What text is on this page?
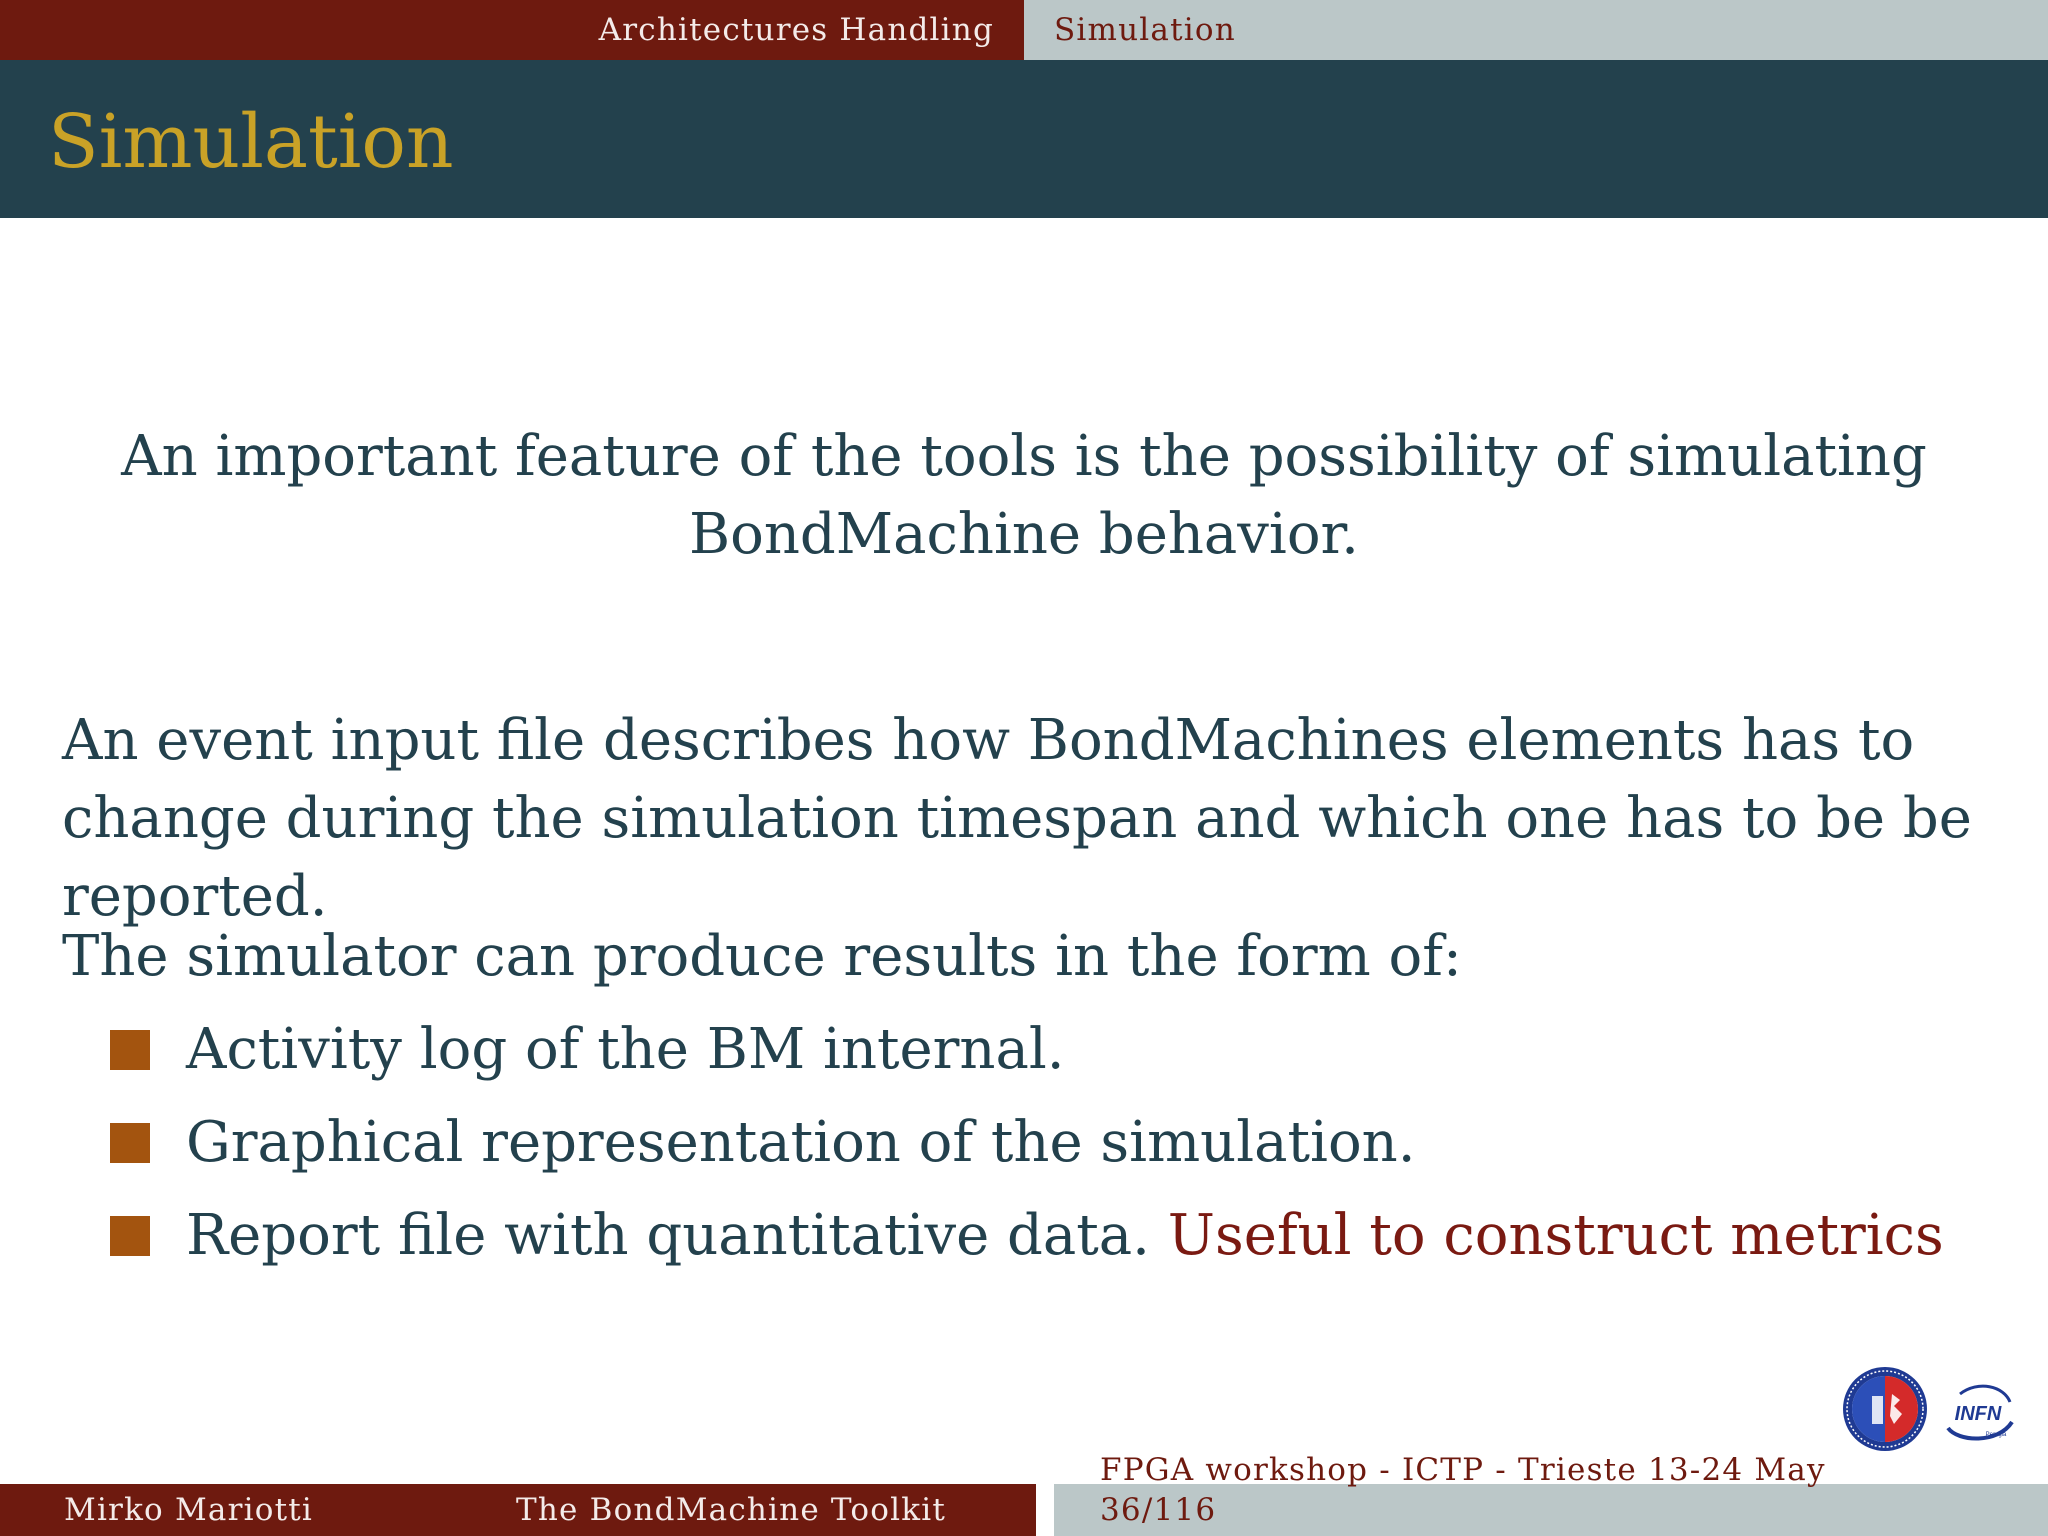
Architectures Handling Simulation
Simulation
An important feature of the tools is the possibility of simulating BondMachine behavior.
An event input file describes how BondMachines elements has to change during the simulation timespan and which one has to be be reported.
The simulator can produce results in the form of:
Activity log of the BM internal.
Graphical representation of the simulation.
Report file with quantitative data. Useful to construct metrics
INFN
Perugia
Mirko Mariotti	The BondMachine Toolkit
FPGA workshop - ICTP - Trieste 13-24 May
36/116
